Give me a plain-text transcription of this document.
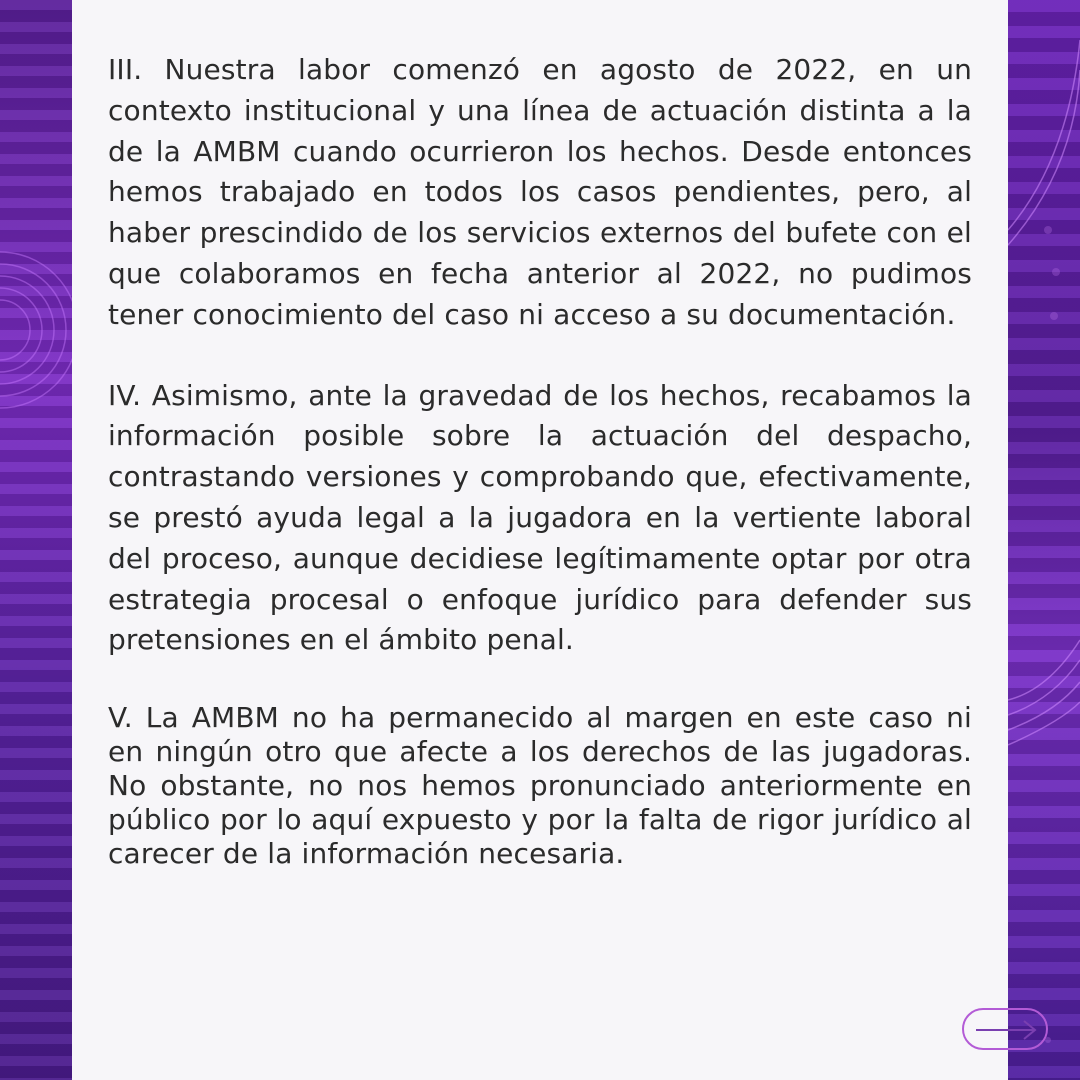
III. Nuestra labor comenzó en agosto de 2022, en un contexto institucional y una línea de actuación distinta a la de la AMBM cuando ocurrieron los hechos. Desde entonces hemos trabajado en todos los casos pendientes, pero, al haber prescindido de los servicios externos del bufete con el que colaboramos en fecha anterior al 2022, no pudimos tener conocimiento del caso ni acceso a su documentación.

IV. Asimismo, ante la gravedad de los hechos, recabamos la información posible sobre la actuación del despacho, contrastando versiones y comprobando que, efectivamente, se prestó ayuda legal a la jugadora en la vertiente laboral del proceso, aunque decidiese legítimamente optar por otra estrategia procesal o enfoque jurídico para defender sus pretensiones en el ámbito penal.

V. La AMBM no ha permanecido al margen en este caso ni en ningún otro que afecte a los derechos de las jugadoras. No obstante, no nos hemos pronunciado anteriormente en público por lo aquí expuesto y por la falta de rigor jurídico al carecer de la información necesaria.
